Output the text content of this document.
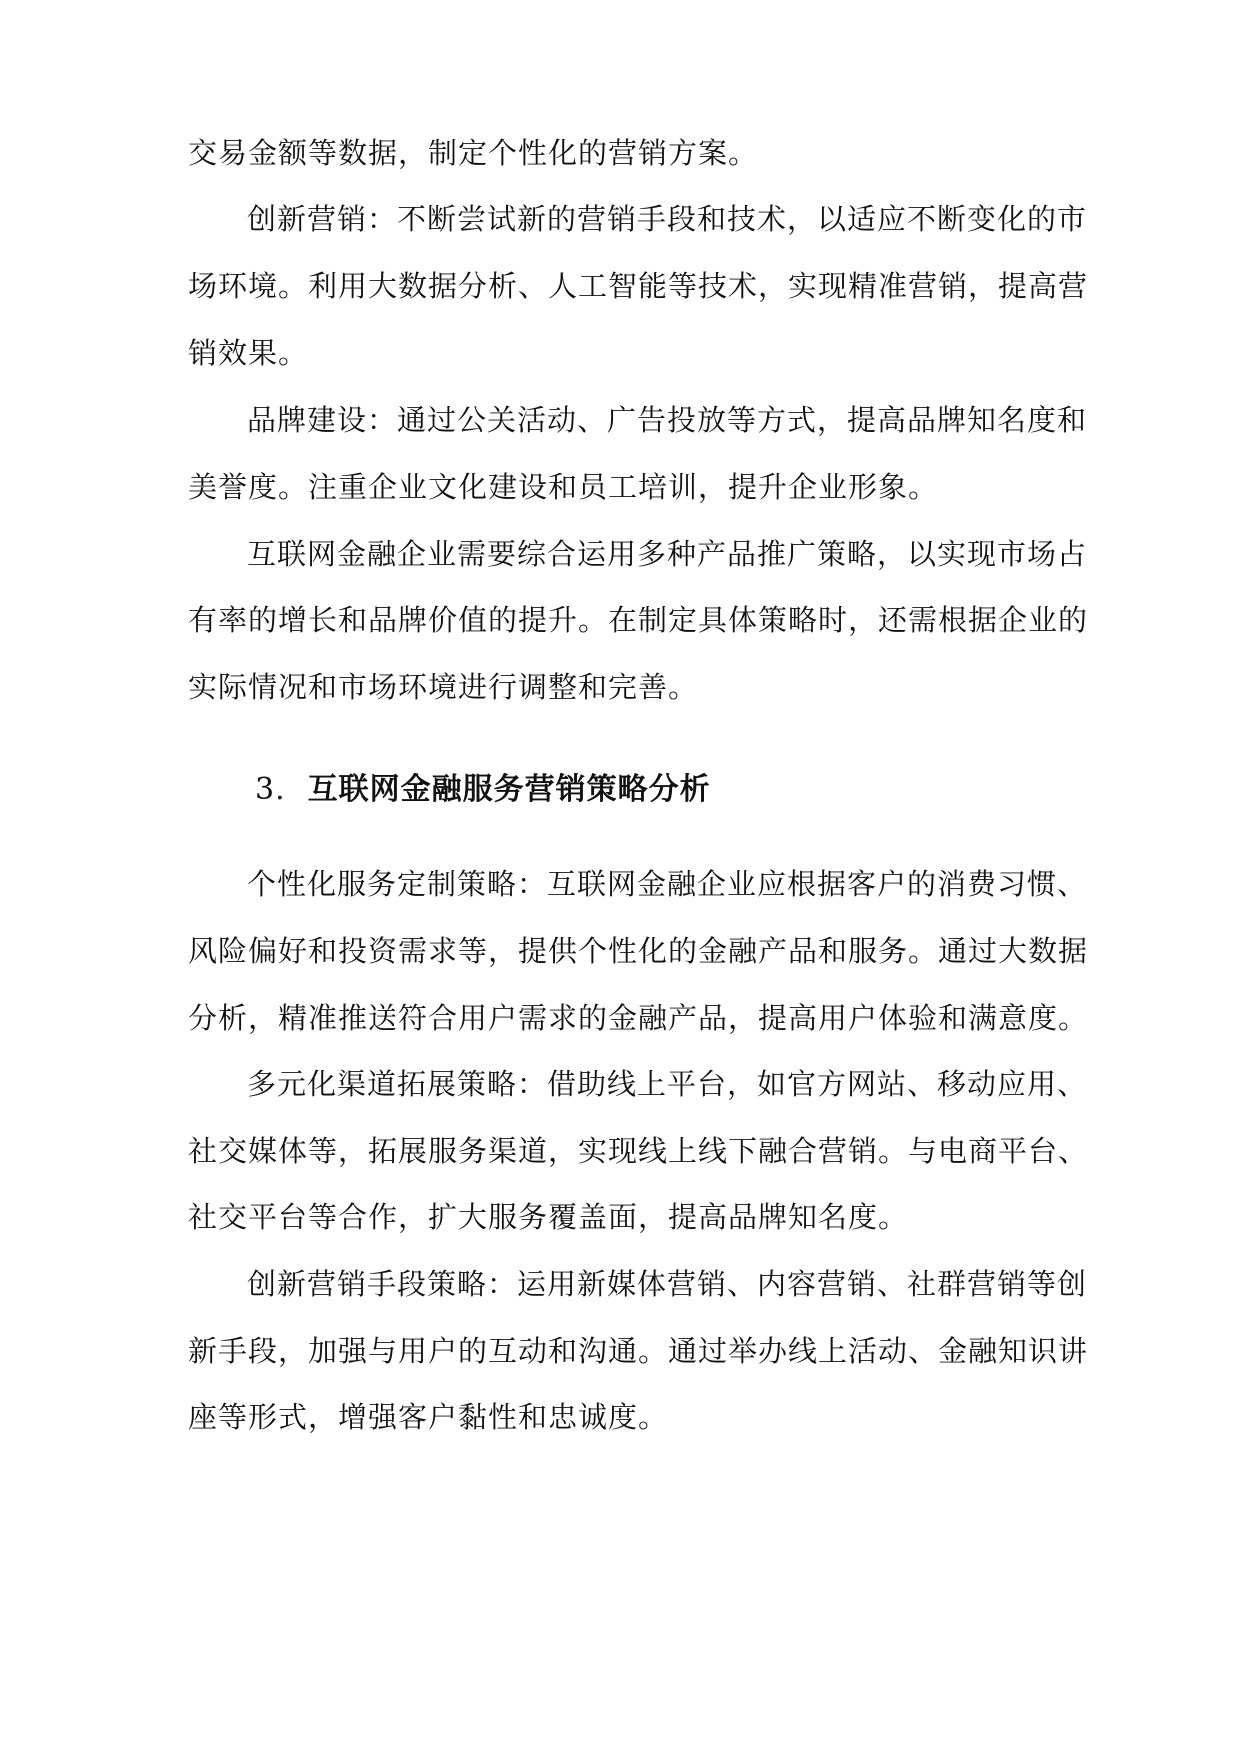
交易金额等数据，制定个性化的营销方案。
创新营销：不断尝试新的营销手段和技术，以适应不断变化的市
场环境。利用大数据分析、人工智能等技术，实现精准营销，提高营
销效果。
品牌建设：通过公关活动、广告投放等方式，提高品牌知名度和
美誉度。注重企业文化建设和员工培训，提升企业形象。
互联网金融企业需要综合运用多种产品推广策略，以实现市场占
有率的增长和品牌价值的提升。在制定具体策略时，还需根据企业的
实际情况和市场环境进行调整和完善。
3. 互联网金融服务营销策略分析
个性化服务定制策略：互联网金融企业应根据客户的消费习惯、
风险偏好和投资需求等，提供个性化的金融产品和服务。通过大数据
分析，精准推送符合用户需求的金融产品，提高用户体验和满意度。
多元化渠道拓展策略：借助线上平台，如官方网站、移动应用、
社交媒体等，拓展服务渠道，实现线上线下融合营销。与电商平台、
社交平台等合作，扩大服务覆盖面，提高品牌知名度。
创新营销手段策略：运用新媒体营销、内容营销、社群营销等创
新手段，加强与用户的互动和沟通。通过举办线上活动、金融知识讲
座等形式，增强客户黏性和忠诚度。
